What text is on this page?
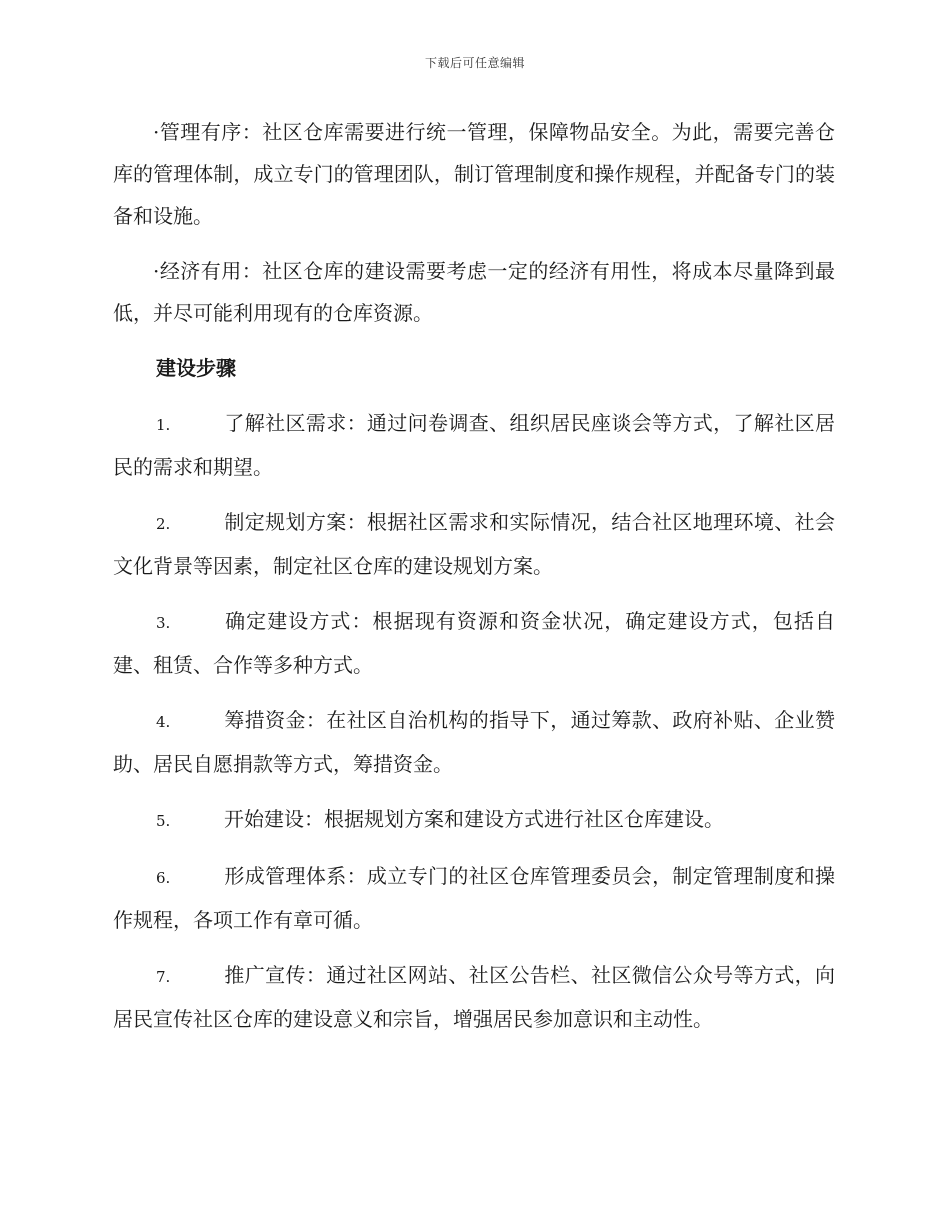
下载后可任意编辑

·管理有序：社区仓库需要进行统一管理，保障物品安全。为此，需要完善仓库的管理体制，成立专门的管理团队，制订管理制度和操作规程，并配备专门的装备和设施。

·经济有用：社区仓库的建设需要考虑一定的经济有用性，将成本尽量降到最低，并尽可能利用现有的仓库资源。

建设步骤
1.	了解社区需求：通过问卷调查、组织居民座谈会等方式，了解社区居民的需求和期望。
2.	制定规划方案：根据社区需求和实际情况，结合社区地理环境、社会文化背景等因素，制定社区仓库的建设规划方案。
3.	确定建设方式：根据现有资源和资金状况，确定建设方式，包括自建、租赁、合作等多种方式。
4.	筹措资金：在社区自治机构的指导下，通过筹款、政府补贴、企业赞助、居民自愿捐款等方式，筹措资金。
5.	开始建设：根据规划方案和建设方式进行社区仓库建设。
6.	形成管理体系：成立专门的社区仓库管理委员会，制定管理制度和操作规程，各项工作有章可循。
7.	推广宣传：通过社区网站、社区公告栏、社区微信公众号等方式，向居民宣传社区仓库的建设意义和宗旨，增强居民参加意识和主动性。
